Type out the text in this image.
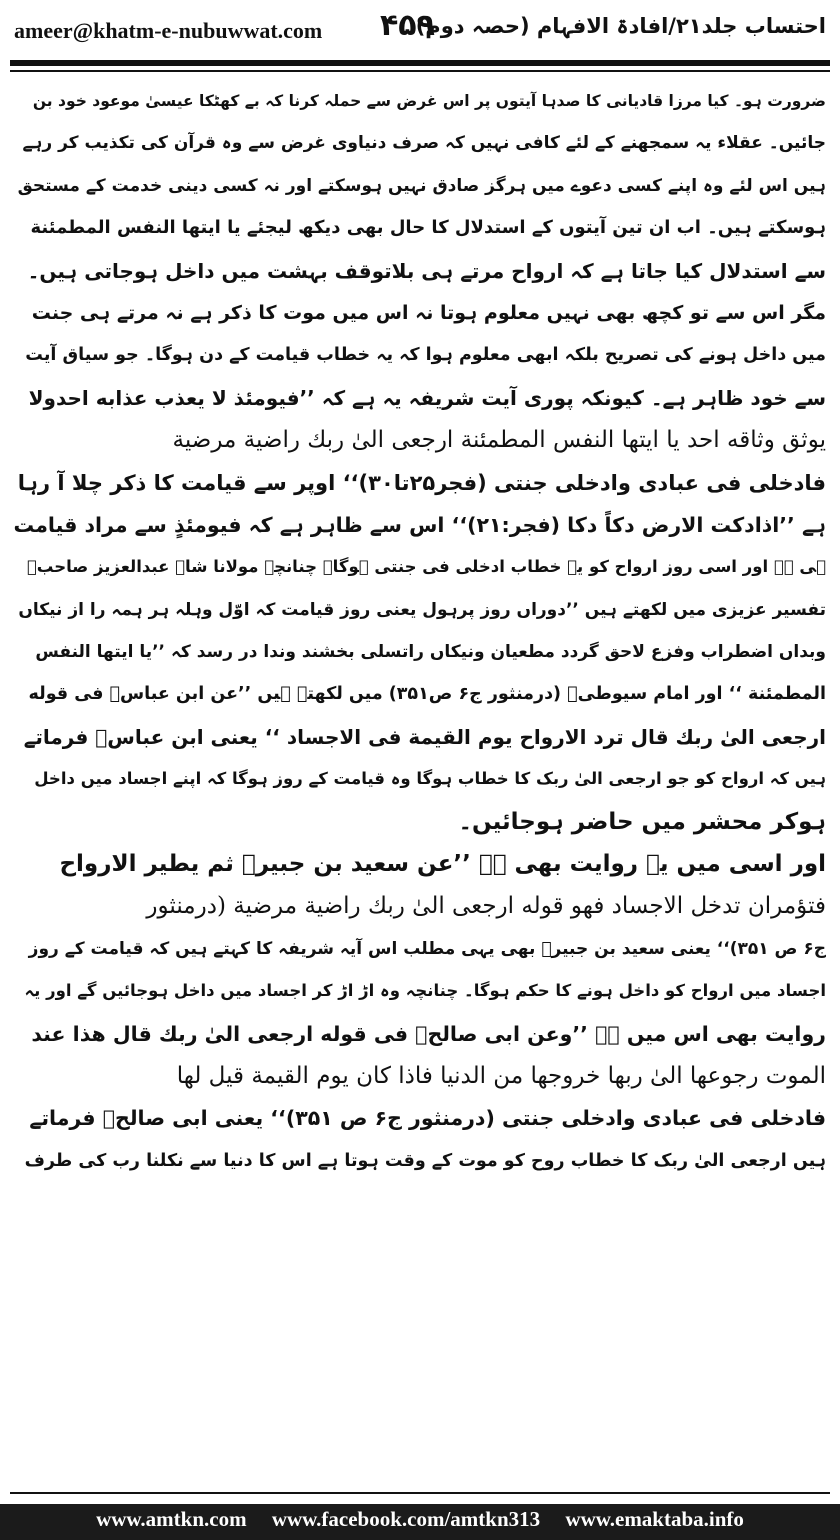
ameer@khatm-e-nubuwwat.com ۴۵۹
احتساب جلد۲۱/افادۃ الافہام (حصہ دوم)
ضرورت ہو۔ کیا مرزا قادیانی کا صدہا آیتوں پر اس غرض سے حملہ کرنا کہ بے کھٹکا عیسیٰ موعود خود بن
جائیں۔ عقلاء یہ سمجھنے کے لئے کافی نہیں کہ صرف دنیاوی غرض سے وہ قرآن کی تکذیب کر رہے
ہیں اس لئے وہ اپنے کسی دعوے میں ہرگز صادق نہیں ہوسکتے اور نہ کسی دینی خدمت کے مستحق
ہوسکتے ہیں۔ اب ان تین آیتوں کے استدلال کا حال بھی دیکھ لیجئے یا ایتھا النفس المطمئنة
سے استدلال کیا جاتا ہے کہ ارواح مرتے ہی بلاتوقف بہشت میں داخل ہوجاتی ہیں۔
مگر اس سے تو کچھ بھی نہیں معلوم ہوتا نہ اس میں موت کا ذکر ہے نہ مرتے ہی جنت
میں داخل ہونے کی تصریح بلکہ ابھی معلوم ہوا کہ یہ خطاب قیامت کے دن ہوگا۔ جو سیاق آیت
سے خود ظاہر ہے۔ کیونکہ پوری آیت شریفہ یہ ہے کہ ’’فیومئذ لا یعذب عذابه احدولا
یوثق وثاقه احد یا ایتها النفس المطمئنة ارجعی الیٰ ربك راضية مرضية
فادخلی فی عبادی وادخلی جنتی (فجر۲۵تا۳۰)‘‘ اوپر سے قیامت کا ذکر چلا آ رہا
ہے ’’اذادكت الارض دكاً دكا (فجر:۲۱)‘‘ اس سے ظاہر ہے کہ فیومئذٍ سے مراد قیامت
ہی ہے اور اسی روز ارواح کو یہ خطاب ادخلی فی جنتی ہوگا۔ چنانچہ مولانا شاہ عبدالعزیز صاحبؒ
تفسیر عزیزی میں لکھتے ہیں ’’دوراں روز پرہول یعنی روز قیامت کہ اوّل وہلہ ہر ہمہ را از نیکاں
وبداں اضطراب وفزع لاحق گردد مطعیان ونیکاں راتسلی بخشند وندا در رسد کہ ’’یا ایتها النفس
المطمئنة ‘‘ اور امام سیوطیؒ (درمنثور ج۶ ص۳۵۱) میں لکھتے ہیں ’’عن ابن عباسؓ فی قوله
ارجعی الیٰ ربك قال ترد الارواح یوم القيمة فی الاجساد ‘‘ یعنی ابن عباسؓ فرماتے
ہیں کہ ارواح کو جو ارجعی الیٰ ربک کا خطاب ہوگا وہ قیامت کے روز ہوگا کہ اپنے اجساد میں داخل
ہوکر محشر میں حاضر ہوجائیں۔
اور اسی میں یہ روایت بھی ہے ’’عن سعيد بن جبيرؒ ثم يطير الارواح
فتؤمران تدخل الاجساد فهو قوله ارجعی الیٰ ربك راضية مرضية (درمنثور
ج۶ ص ۳۵۱)‘‘ یعنی سعید بن جبیرؒ بھی یہی مطلب اس آیہ شریفہ کا کہتے ہیں کہ قیامت کے روز
اجساد میں ارواح کو داخل ہونے کا حکم ہوگا۔ چنانچہ وہ اڑ اڑ کر اجساد میں داخل ہوجائیں گے اور یہ
روایت بھی اس میں ہے ’’وعن ابی صالحؒ فی قوله ارجعی الیٰ ربك قال هذا عند
الموت رجوعها الیٰ ربها خروجها من الدنيا فاذا كان يوم القيمة قيل لها
فادخلی فی عبادی وادخلی جنتی (درمنثور ج۶ ص ۳۵۱)‘‘ یعنی ابی صالحؒ فرماتے
ہیں ارجعی الیٰ ربک کا خطاب روح کو موت کے وقت ہوتا ہے اس کا دنیا سے نکلنا رب کی طرف
www.amtkn.com www.facebook.com/amtkn313 www.emaktaba.info
